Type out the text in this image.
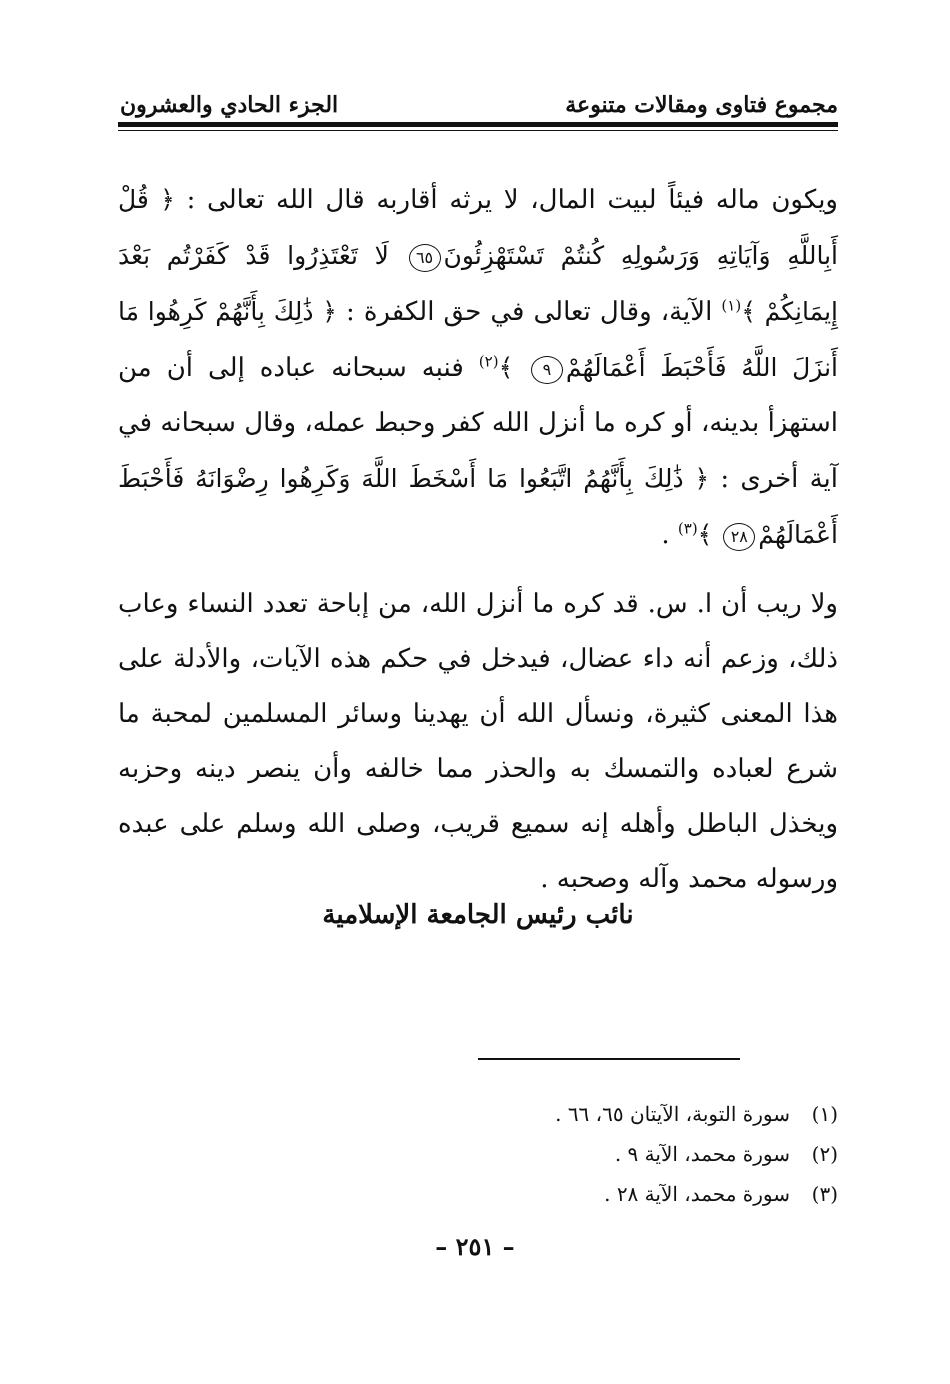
مجموع فتاوى ومقالات متنوعة
الجزء الحادي والعشرون

ويكون ماله فيئاً لبيت المال، لا يرثه أقاربه قال الله تعالى : ﴿ قُلْ أَبِاللَّهِ وَآيَاتِهِ وَرَسُولِهِ كُنتُمْ تَسْتَهْزِئُونَ٦٥ لَا تَعْتَذِرُوا قَدْ كَفَرْتُم بَعْدَ إِيمَانِكُمْ ﴾$^{(١)}$ الآية، وقال تعالى في حق الكفرة : ﴿ ذَٰلِكَ بِأَنَّهُمْ كَرِهُوا مَا أَنزَلَ اللَّهُ فَأَحْبَطَ أَعْمَالَهُمْ٩ ﴾$^{(٢)}$ فنبه سبحانه عباده إلى أن من استهزأ بدينه، أو كره ما أنزل الله كفر وحبط عمله، وقال سبحانه في آية أخرى : ﴿ ذَٰلِكَ بِأَنَّهُمُ اتَّبَعُوا مَا أَسْخَطَ اللَّهَ وَكَرِهُوا رِضْوَانَهُ فَأَحْبَطَ أَعْمَالَهُمْ٢٨ ﴾$^{(٣)}$ .

ولا ريب أن ا. س. قد كره ما أنزل الله، من إباحة تعدد النساء وعاب ذلك، وزعم أنه داء عضال، فيدخل في حكم هذه الآيات، والأدلة على هذا المعنى كثيرة، ونسأل الله أن يهدينا وسائر المسلمين لمحبة ما شرع لعباده والتمسك به والحذر مما خالفه وأن ينصر دينه وحزبه ويخذل الباطل وأهله إنه سميع قريب، وصلى الله وسلم على عبده ورسوله محمد وآله وصحبه .

نائب رئيس الجامعة الإسلامية
(١)
سورة التوبة، الآيتان ٦٥، ٦٦ .
(٢)
سورة محمد، الآية ٩ .
(٣)
سورة محمد، الآية ٢٨ .
– ٢٥١ –
